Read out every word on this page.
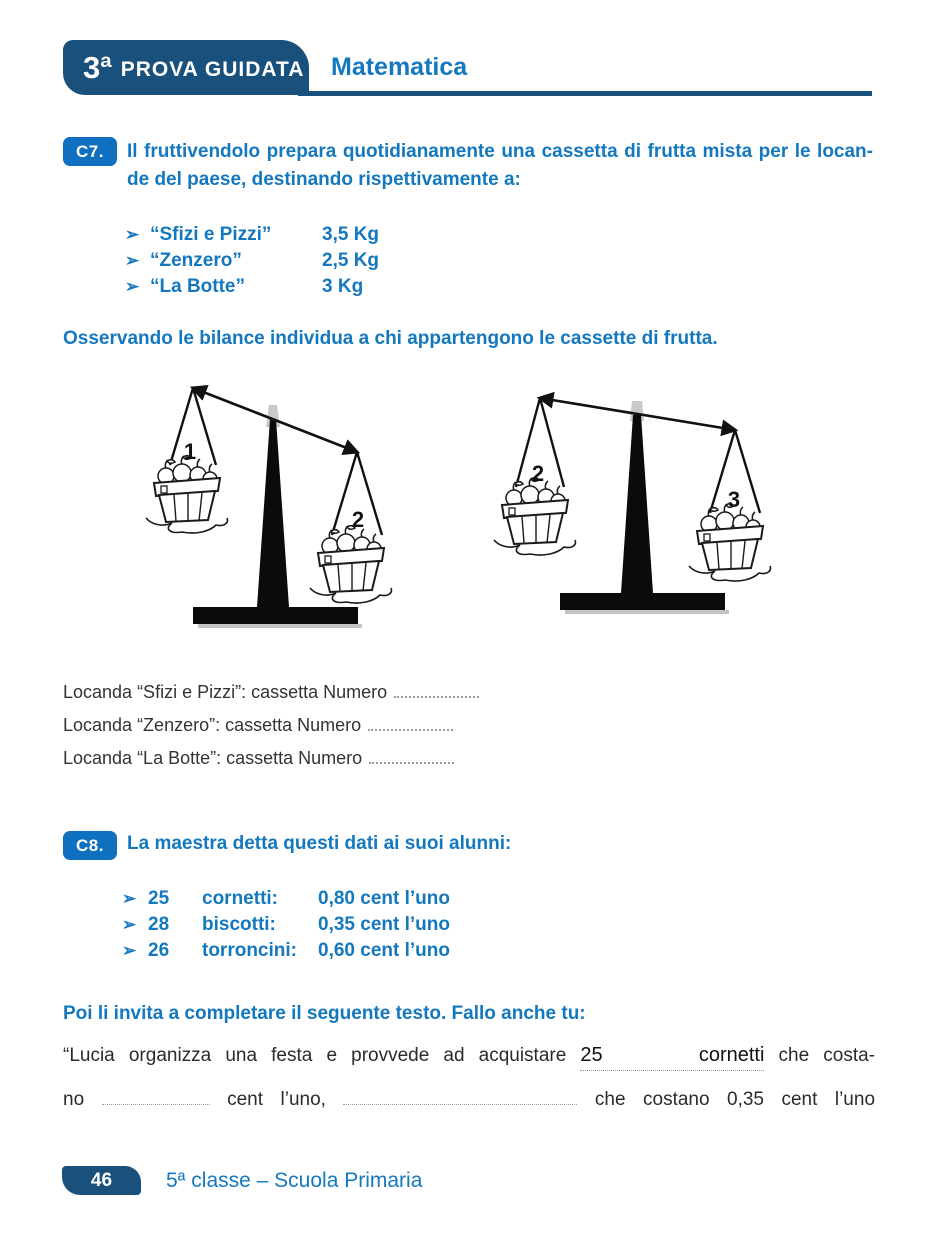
3ª PROVA GUIDATA Matematica
C7.	Il fruttivendolo prepara quotidianamente una cassetta di frutta mista per le locan-
de del paese, destinando rispettivamente a:
➢ “Sfizi e Pizzi”	3,5 Kg
➢ “Zenzero”	2,5 Kg
➢ “La Botte”	3 Kg
Osservando le bilance individua a chi appartengono le cassette di frutta.
1
2
2
3
Locanda “Sfizi e Pizzi”: cassetta Numero
Locanda “Zenzero”: cassetta Numero
Locanda “La Botte”: cassetta Numero
C8.	La maestra detta questi dati ai suoi alunni:
➢ 25	cornetti:	0,80 cent l’uno
➢ 28	biscotti:	0,35 cent l’uno
➢ 26	torroncini:	0,60 cent l’uno
Poi li invita a completare il seguente testo. Fallo anche tu:
“Lucia organizza una festa e provvede ad acquistare 25 cornetti che costa-
no	cent l’uno,	che costano 0,35 cent l’uno
46	5ª classe – Scuola Primaria
